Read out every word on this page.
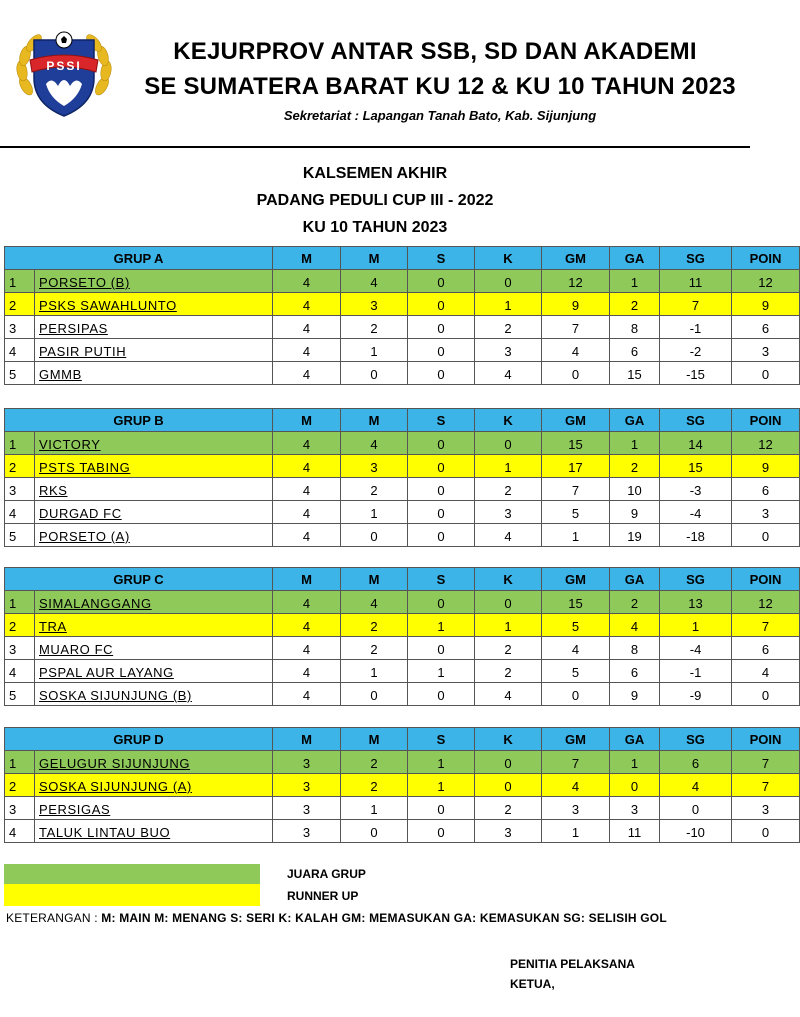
PSSI
KEJURPROV ANTAR SSB, SD DAN AKADEMI
SE SUMATERA BARAT KU 12 & KU 10 TAHUN 2023
Sekretariat : Lapangan Tanah Bato, Kab. Sijunjung
KALSEMEN AKHIR
PADANG PEDULI CUP III - 2022
KU 10 TAHUN 2023
GRUP A		M	M	S	K	GM	GA	SG	POIN
1	PORSETO (B)	4	4	0	0	12	1	11	12
2	PSKS SAWAHLUNTO	4	3	0	1	9	2	7	9
3	PERSIPAS	4	2	0	2	7	8	-1	6
4	PASIR PUTIH	4	1	0	3	4	6	-2	3
5	GMMB	4	0	0	4	0	15	-15	0
GRUP B		M	M	S	K	GM	GA	SG	POIN
1	VICTORY	4	4	0	0	15	1	14	12
2	PSTS TABING	4	3	0	1	17	2	15	9
3	RKS	4	2	0	2	7	10	-3	6
4	DURGAD FC	4	1	0	3	5	9	-4	3
5	PORSETO (A)	4	0	0	4	1	19	-18	0
GRUP C		M	M	S	K	GM	GA	SG	POIN
1	SIMALANGGANG	4	4	0	0	15	2	13	12
2	TRA	4	2	1	1	5	4	1	7
3	MUARO FC	4	2	0	2	4	8	-4	6
4	PSPAL AUR LAYANG	4	1	1	2	5	6	-1	4
5	SOSKA SIJUNJUNG (B)	4	0	0	4	0	9	-9	0
GRUP D		M	M	S	K	GM	GA	SG	POIN
1	GELUGUR SIJUNJUNG	3	2	1	0	7	1	6	7
2	SOSKA SIJUNJUNG (A)	3	2	1	0	4	0	4	7
3	PERSIGAS	3	1	0	2	3	3	0	3
4	TALUK LINTAU BUO	3	0	0	3	1	11	-10	0
JUARA GRUP
RUNNER UP
KETERANGAN : M: MAIN M: MENANG S: SERI K: KALAH GM: MEMASUKAN GA: KEMASUKAN SG: SELISIH GOL
PENITIA PELAKSANA
KETUA,
